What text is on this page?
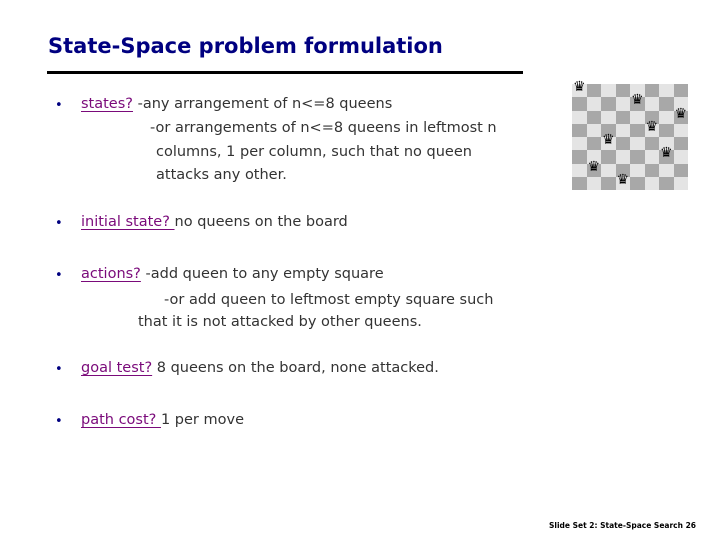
State-Space problem formulation
• states? -any arrangement of n<=8 queens
-or arrangements of n<=8 queens in leftmost n
columns, 1 per column, such that no queen
attacks any other.
• initial state? no queens on the board
• actions? -add queen to any empty square
-or add queen to leftmost empty square such
that it is not attacked by other queens.
• goal test? 8 queens on the board, none attacked.
• path cost? 1 per move
♛
♛
♛
♛
♛
♛
♛
♛
Slide Set 2: State-Space Search 26
